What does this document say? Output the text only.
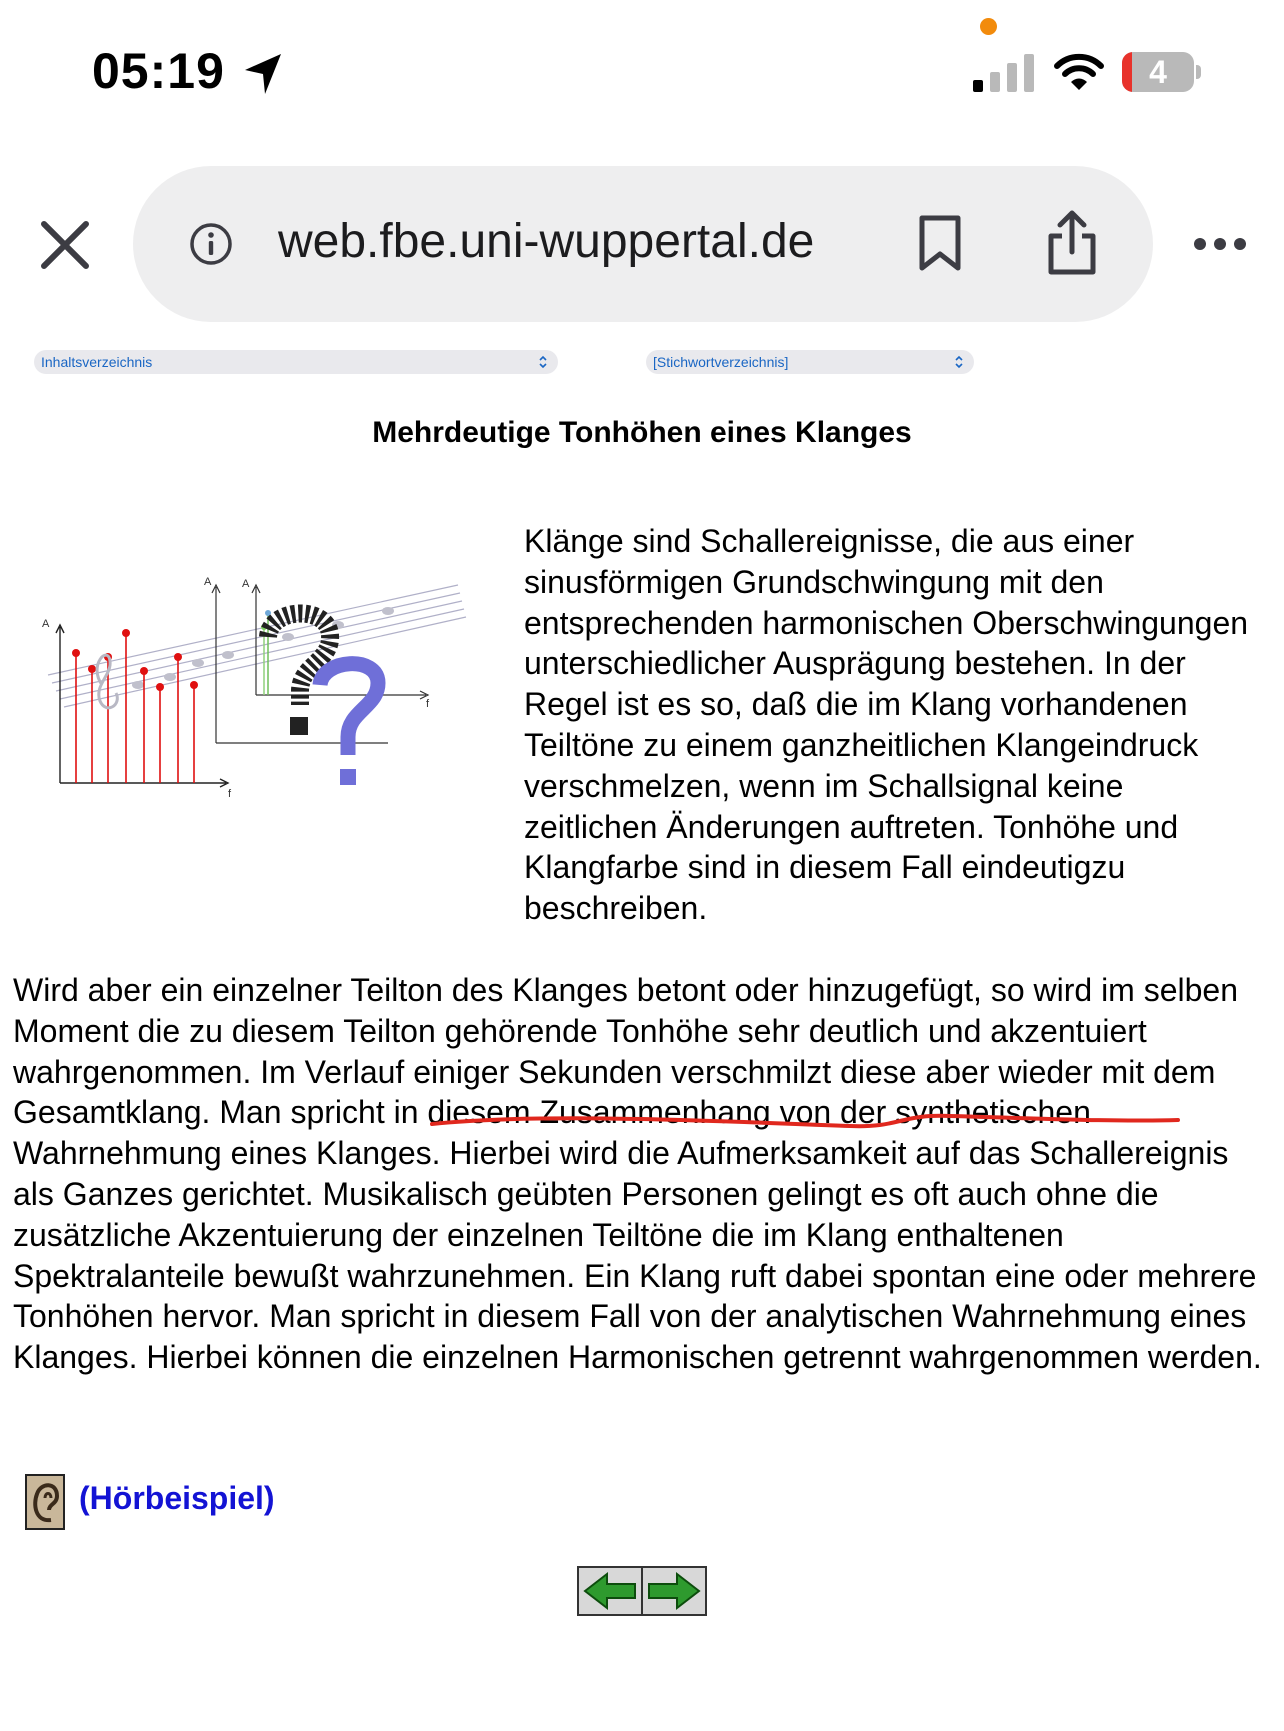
05:19	4
web.fbe.uni-wuppertal.de
Inhaltsverzeichnis	[Stichwortverzeichnis]
Mehrdeutige Tonhöhen eines Klanges
A
f
A
A
f
Klänge sind Schallereignisse, die aus einer sinusförmigen Grundschwingung mit den entsprechenden harmonischen Oberschwingungen unterschiedlicher Ausprägung bestehen. In der Regel ist es so, daß die im Klang vorhandenen Teiltöne zu einem ganzheitlichen Klangeindruck verschmelzen, wenn im Schallsignal keine zeitlichen Änderungen auftreten. Tonhöhe und Klangfarbe sind in diesem Fall eindeutigzu beschreiben.
Wird aber ein einzelner Teilton des Klanges betont oder hinzugefügt, so wird im selben Moment die zu diesem Teilton gehörende Tonhöhe sehr deutlich und akzentuiert wahrgenommen. Im Verlauf einiger Sekunden verschmilzt diese aber wieder mit dem Gesamtklang. Man spricht in diesem Zusammenhang von der synthetischen Wahrnehmung eines Klanges. Hierbei wird die Aufmerksamkeit auf das Schallereignis als Ganzes gerichtet. Musikalisch geübten Personen gelingt es oft auch ohne die zusätzliche Akzentuierung der einzelnen Teiltöne die im Klang enthaltenen Spektralanteile bewußt wahrzunehmen. Ein Klang ruft dabei spontan eine oder mehrere Tonhöhen hervor. Man spricht in diesem Fall von der analytischen Wahrnehmung eines Klanges. Hierbei können die einzelnen Harmonischen getrennt wahrgenommen werden.
(Hörbeispiel)
